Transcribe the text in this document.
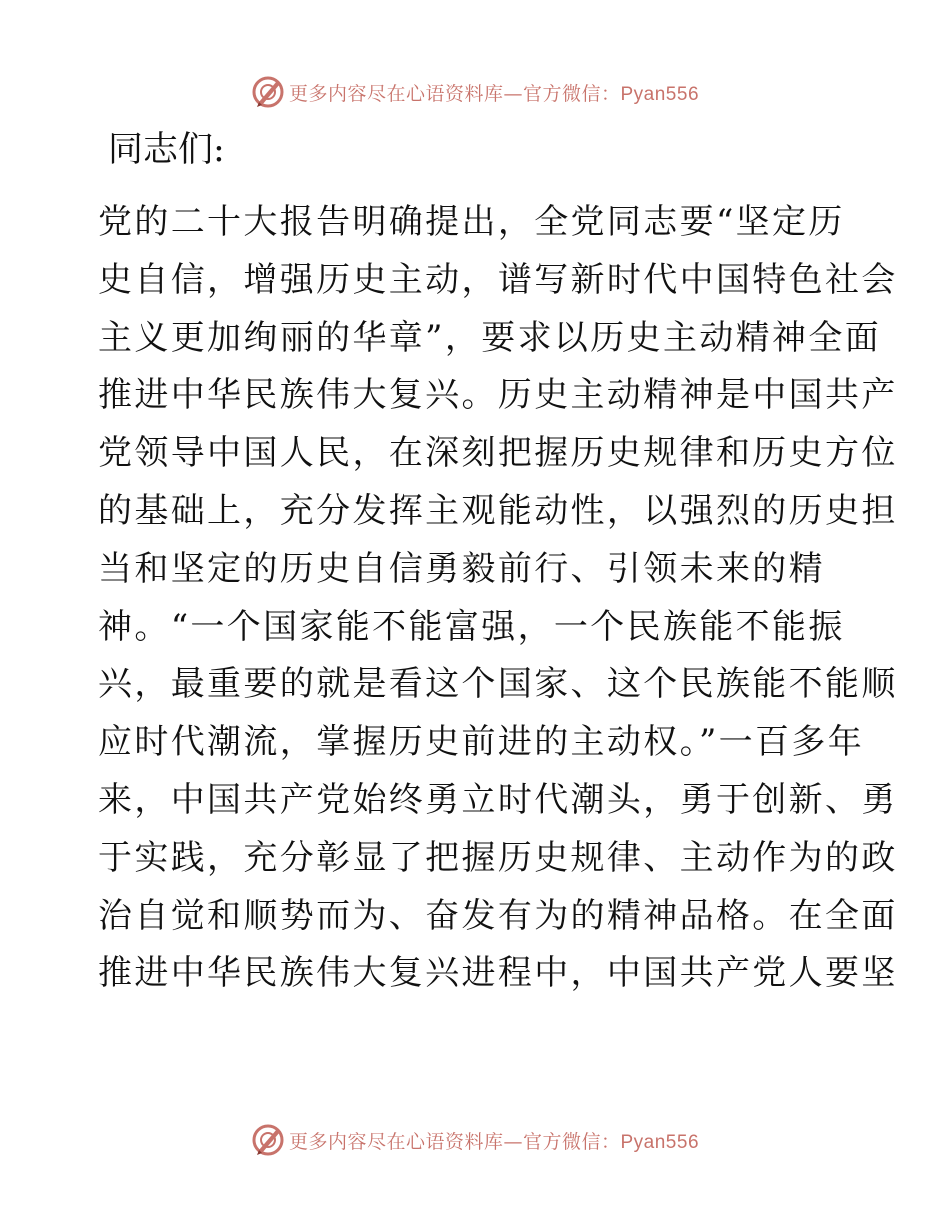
更多内容尽在心语资料库—官方微信：Pyan556

同志们:

党的二十大报告明确提出，全党同志要“坚定历
史自信，增强历史主动，谱写新时代中国特色社会
主义更加绚丽的华章”，要求以历史主动精神全面
推进中华民族伟大复兴。历史主动精神是中国共产
党领导中国人民，在深刻把握历史规律和历史方位
的基础上，充分发挥主观能动性，以强烈的历史担
当和坚定的历史自信勇毅前行、引领未来的精
神。“一个国家能不能富强，一个民族能不能振
兴，最重要的就是看这个国家、这个民族能不能顺
应时代潮流，掌握历史前进的主动权。”一百多年
来，中国共产党始终勇立时代潮头，勇于创新、勇
于实践，充分彰显了把握历史规律、主动作为的政
治自觉和顺势而为、奋发有为的精神品格。在全面
推进中华民族伟大复兴进程中，中国共产党人要坚
更多内容尽在心语资料库—官方微信：Pyan556
